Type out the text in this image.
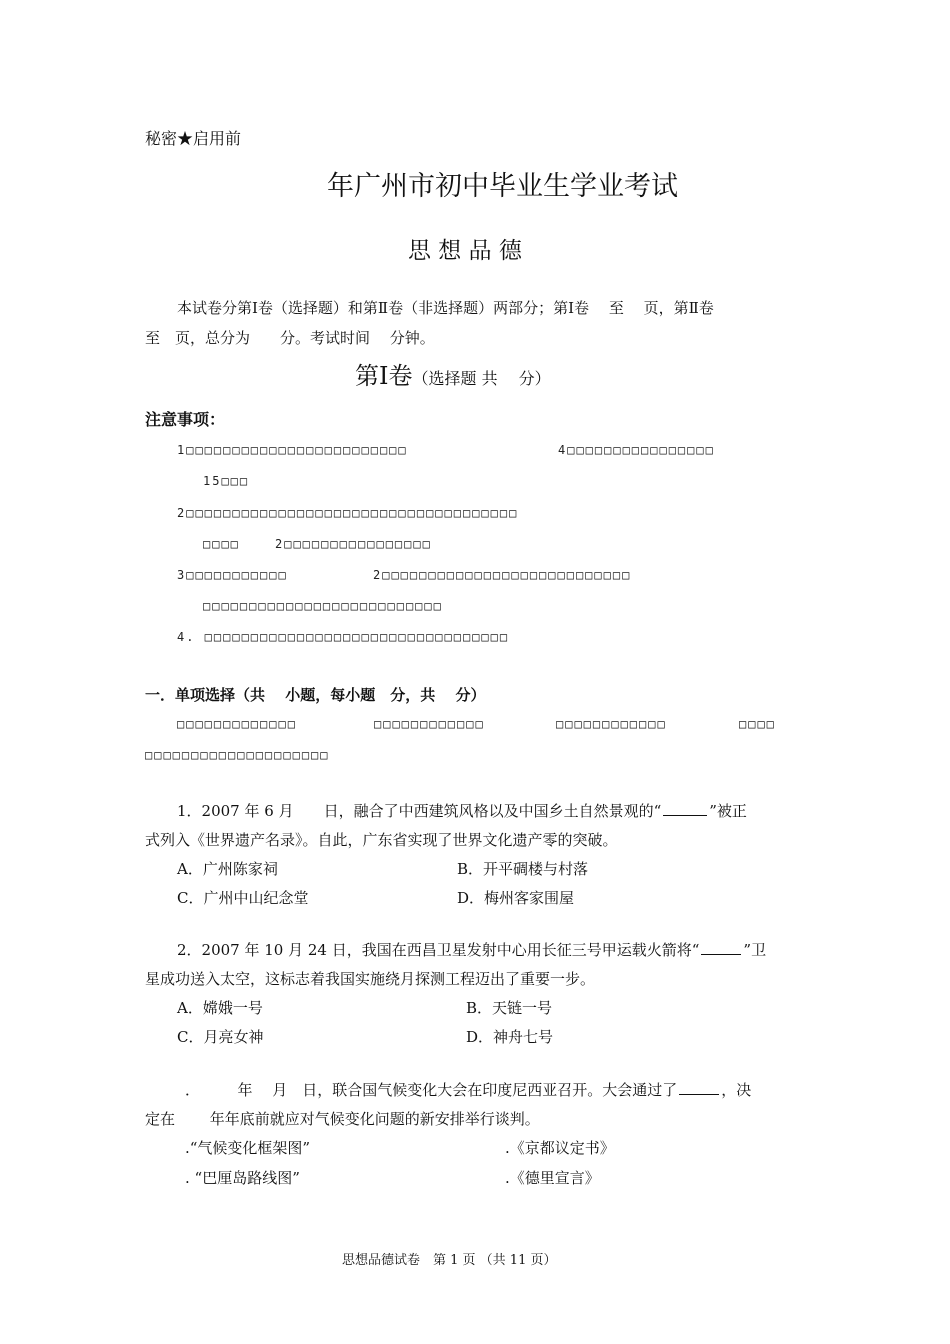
秘密★启用前
年广州市初中毕业生学业考试
思 想 品 德
本试卷分第Ⅰ卷（选择题）和第Ⅱ卷（非选择题）两部分；第Ⅰ卷　 至　 页，第Ⅱ卷
至　页，总分为　　分。考试时间　 分钟。
第Ⅰ卷（选择题 共　 分）
注意事项：
1□□□□□□□□□□□□□□□□□□□□□□□□	4□□□□□□□□□□□□□□□□
15□□□
2□□□□□□□□□□□□□□□□□□□□□□□□□□□□□□□□□□□□
□□□□	2□□□□□□□□□□□□□□□□
3□□□□□□□□□□□	2□□□□□□□□□□□□□□□□□□□□□□□□□□□
□□□□□□□□□□□□□□□□□□□□□□□□□□
4. □□□□□□□□□□□□□□□□□□□□□□□□□□□□□□□□□
一．单项选择（共　 小题，每小题　分，共　 分）
□□□□□□□□□□□□□	□□□□□□□□□□□□	□□□□□□□□□□□□	□□□□
□□□□□□□□□□□□□□□□□□□□
1．2007 年 6 月　　日，融合了中西建筑风格以及中国乡土自然景观的“	”被正
式列入《世界遗产名录》。自此，广东省实现了世界文化遗产零的突破。
A．广州陈家祠	B．开平碉楼与村落
C．广州中山纪念堂	D．梅州客家围屋
2．2007 年 10 月 24 日，我国在西昌卫星发射中心用长征三号甲运载火箭将“	”卫
星成功送入太空，这标志着我国实施绕月探测工程迈出了重要一步。
A．嫦娥一号	B．天链一号
C．月亮女神	D．神舟七号
．　　　年　 月　日，联合国气候变化大会在印度尼西亚召开。大会通过了	，决
定在　　 年年底前就应对气候变化问题的新安排举行谈判。
.“气候变化框架图”	.《京都议定书》
. “巴厘岛路线图”	.《德里宣言》
思想品德试卷　第 1 页 （共 11 页）
